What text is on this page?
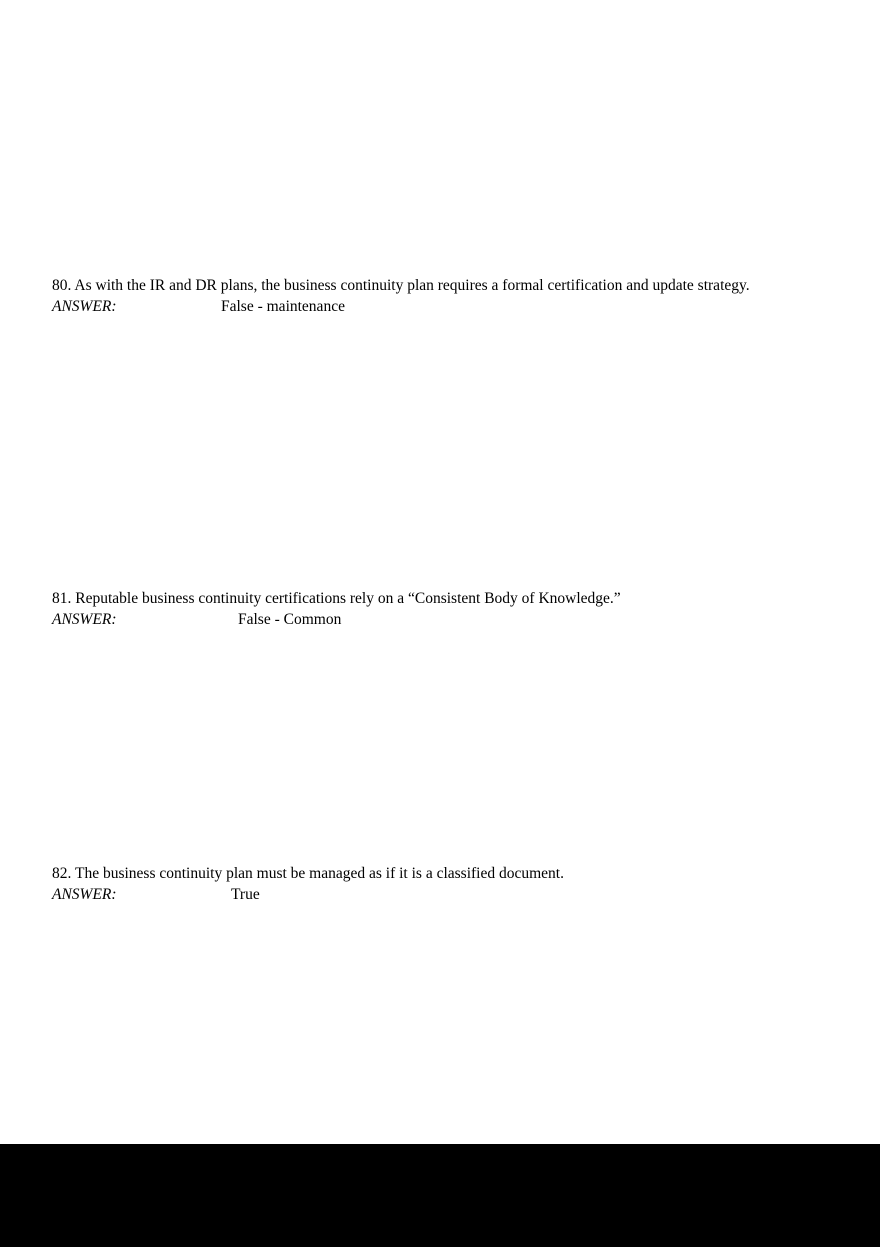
80. As with the IR and DR plans, the business continuity plan requires a formal certification and update strategy.
ANSWER:	False - maintenance
81. Reputable business continuity certifications rely on a “Consistent Body of Knowledge.”
ANSWER:	False - Common
82. The business continuity plan must be managed as if it is a classified document.
ANSWER:	True
